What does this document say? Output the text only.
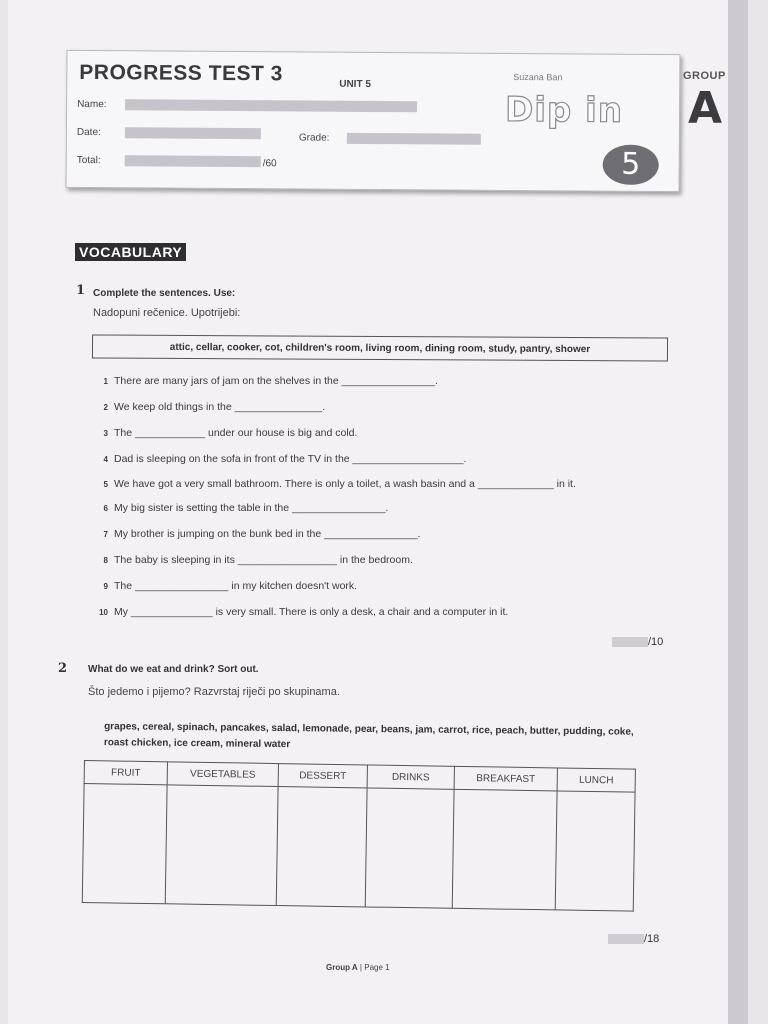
PROGRESS TEST 3	UNIT 5
Suzana Ban
Dip in
5
Name:
Date:	Grade:
Total:	/60
GROUP
A
VOCABULARY
1 Complete the sentences. Use:
Nadopuni rečenice. Upotrijebi:
attic, cellar, cooker, cot, children's room, living room, dining room, study, pantry, shower
1 There are many jars of jam on the shelves in the ________________.
2 We keep old things in the _______________.
3 The ____________ under our house is big and cold.
4 Dad is sleeping on the sofa in front of the TV in the ___________________.
5 We have got a very small bathroom. There is only a toilet, a wash basin and a _____________ in it.
6 My big sister is setting the table in the ________________.
7 My brother is jumping on the bunk bed in the ________________.
8 The baby is sleeping in its _________________ in the bedroom.
9 The ________________ in my kitchen doesn't work.
10 My ______________ is very small. There is only a desk, a chair and a computer in it.
/10
2 What do we eat and drink? Sort out.
Što jedemo i pijemo? Razvrstaj riječi po skupinama.
grapes, cereal, spinach, pancakes, salad, lemonade, pear, beans, jam, carrot, rice, peach, butter, pudding, coke, roast chicken, ice cream, mineral water
FRUIT	VEGETABLES	DESSERT	DRINKS	BREAKFAST	LUNCH

/18
Group A | Page 1
